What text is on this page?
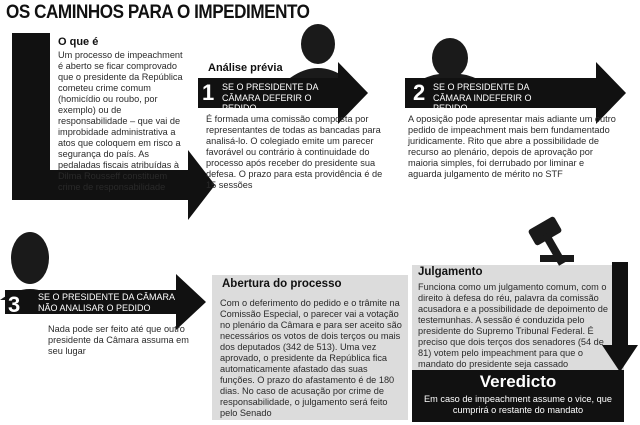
OS CAMINHOS PARA O IMPEDIMENTO
O que é
Um processo de impeachment é aberto se ficar comprovado que o presidente da República cometeu crime comum (homicídio ou roubo, por exemplo) ou de responsabilidade – que vai de improbidade administrativa a atos que coloquem em risco a segurança do país. As pedaladas fiscais atribuídas à Dilma Rousseff constituem crime de responsabilidade
Análise prévia
1 SE O PRESIDENTE DA CÂMARA DEFERIR O PEDIDO
É formada uma comissão composta por representantes de todas as bancadas para analisá-lo. O colegiado emite um parecer favorável ou contrário à continuidade do processo após receber do presidente sua defesa. O prazo para esta providência é de 15 sessões
2 SE O PRESIDENTE DA CÂMARA INDEFERIR O PEDIDO
A oposição pode apresentar mais adiante um outro pedido de impeachment mais bem fundamentado juridicamente. Rito que abre a possibilidade de recurso ao plenário, depois de aprovação por maioria simples, foi derrubado por liminar e aguarda julgamento de mérito no STF
3 SE O PRESIDENTE DA CÂMARA NÃO ANALISAR O PEDIDO
Nada pode ser feito até que outro presidente da Câmara assuma em seu lugar
Abertura do processo
Com o deferimento do pedido e o trâmite na Comissão Especial, o parecer vai a votação no plenário da Câmara e para ser aceito são necessários os votos de dois terços ou mais dos deputados (342 de 513). Uma vez aprovado, o presidente da República fica automaticamente afastado das suas funções. O prazo do afastamento é de 180 dias. No caso de acusação por crime de responsabilidade, o julgamento será feito pelo Senado
Julgamento
Funciona como um julgamento comum, com o direito à defesa do réu, palavra da comissão acusadora e a possibilidade de depoimento de testemunhas. A sessão é conduzida pelo presidente do Supremo Tribunal Federal. É preciso que dois terços dos senadores (54 de 81) votem pelo impeachment para que o mandato do presidente seja cassado
Veredicto
Em caso de impeachment assume o vice, que cumprirá o restante do mandato
